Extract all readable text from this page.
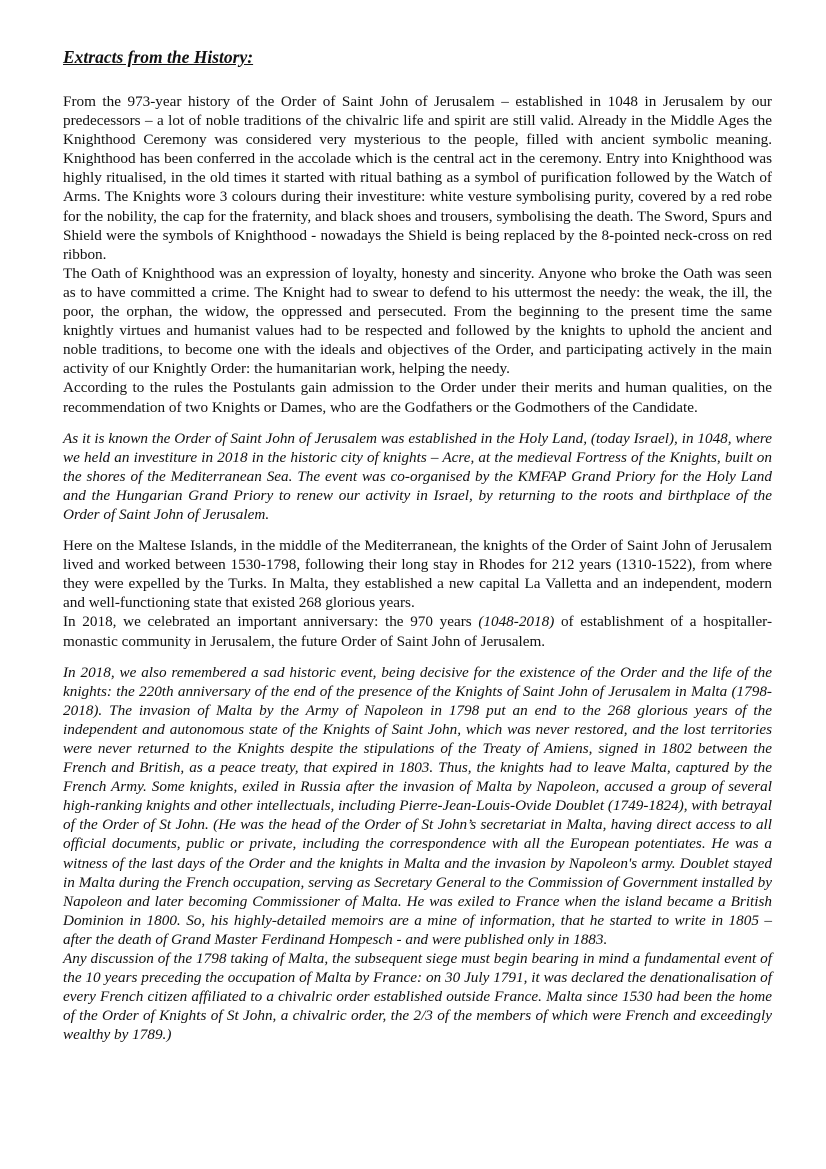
Extracts from the History:

From the 973-year history of the Order of Saint John of Jerusalem – established in 1048 in Jerusalem by our predecessors – a lot of noble traditions of the chivalric life and spirit are still valid. Already in the Middle Ages the Knighthood Ceremony was considered very mysterious to the people, filled with ancient symbolic meaning. Knighthood has been conferred in the accolade which is the central act in the ceremony. Entry into Knighthood was highly ritualised, in the old times it started with ritual bathing as a symbol of purification followed by the Watch of Arms. The Knights wore 3 colours during their investiture: white vesture symbolising purity, covered by a red robe for the nobility, the cap for the fraternity, and black shoes and trousers, symbolising the death. The Sword, Spurs and Shield were the symbols of Knighthood - nowadays the Shield is being replaced by the 8-pointed neck-cross on red ribbon.

The Oath of Knighthood was an expression of loyalty, honesty and sincerity. Anyone who broke the Oath was seen as to have committed a crime. The Knight had to swear to defend to his uttermost the needy: the weak, the ill, the poor, the orphan, the widow, the oppressed and persecuted. From the beginning to the present time the same knightly virtues and humanist values had to be respected and followed by the knights to uphold the ancient and noble traditions, to become one with the ideals and objectives of the Order, and participating actively in the main activity of our Knightly Order: the humanitarian work, helping the needy.

According to the rules the Postulants gain admission to the Order under their merits and human qualities, on the recommendation of two Knights or Dames, who are the Godfathers or the Godmothers of the Candidate.

As it is known the Order of Saint John of Jerusalem was established in the Holy Land, (today Israel), in 1048, where we held an investiture in 2018 in the historic city of knights – Acre, at the medieval Fortress of the Knights, built on the shores of the Mediterranean Sea. The event was co-organised by the KMFAP Grand Priory for the Holy Land and the Hungarian Grand Priory to renew our activity in Israel, by returning to the roots and birthplace of the Order of Saint John of Jerusalem.

Here on the Maltese Islands, in the middle of the Mediterranean, the knights of the Order of Saint John of Jerusalem lived and worked between 1530-1798, following their long stay in Rhodes for 212 years (1310-1522), from where they were expelled by the Turks. In Malta, they established a new capital La Valletta and an independent, modern and well-functioning state that existed 268 glorious years.

In 2018, we celebrated an important anniversary: the 970 years (1048-2018) of establishment of a hospitaller-monastic community in Jerusalem, the future Order of Saint John of Jerusalem.

In 2018, we also remembered a sad historic event, being decisive for the existence of the Order and the life of the knights: the 220th anniversary of the end of the presence of the Knights of Saint John of Jerusalem in Malta (1798-2018). The invasion of Malta by the Army of Napoleon in 1798 put an end to the 268 glorious years of the independent and autonomous state of the Knights of Saint John, which was never restored, and the lost territories were never returned to the Knights despite the stipulations of the Treaty of Amiens, signed in 1802 between the French and British, as a peace treaty, that expired in 1803. Thus, the knights had to leave Malta, captured by the French Army. Some knights, exiled in Russia after the invasion of Malta by Napoleon, accused a group of several high-ranking knights and other intellectuals, including Pierre-Jean-Louis-Ovide Doublet (1749-1824), with betrayal of the Order of St John. (He was the head of the Order of St John’s secretariat in Malta, having direct access to all official documents, public or private, including the correspondence with all the European potentiates. He was a witness of the last days of the Order and the knights in Malta and the invasion by Napoleon's army. Doublet stayed in Malta during the French occupation, serving as Secretary General to the Commission of Government installed by Napoleon and later becoming Commissioner of Malta. He was exiled to France when the island became a British Dominion in 1800. So, his highly-detailed memoirs are a mine of information, that he started to write in 1805 – after the death of Grand Master Ferdinand Hompesch - and were published only in 1883.

Any discussion of the 1798 taking of Malta, the subsequent siege must begin bearing in mind a fundamental event of the 10 years preceding the occupation of Malta by France: on 30 July 1791, it was declared the denationalisation of every French citizen affiliated to a chivalric order established outside France. Malta since 1530 had been the home of the Order of Knights of St John, a chivalric order, the 2/3 of the members of which were French and exceedingly wealthy by 1789.)
